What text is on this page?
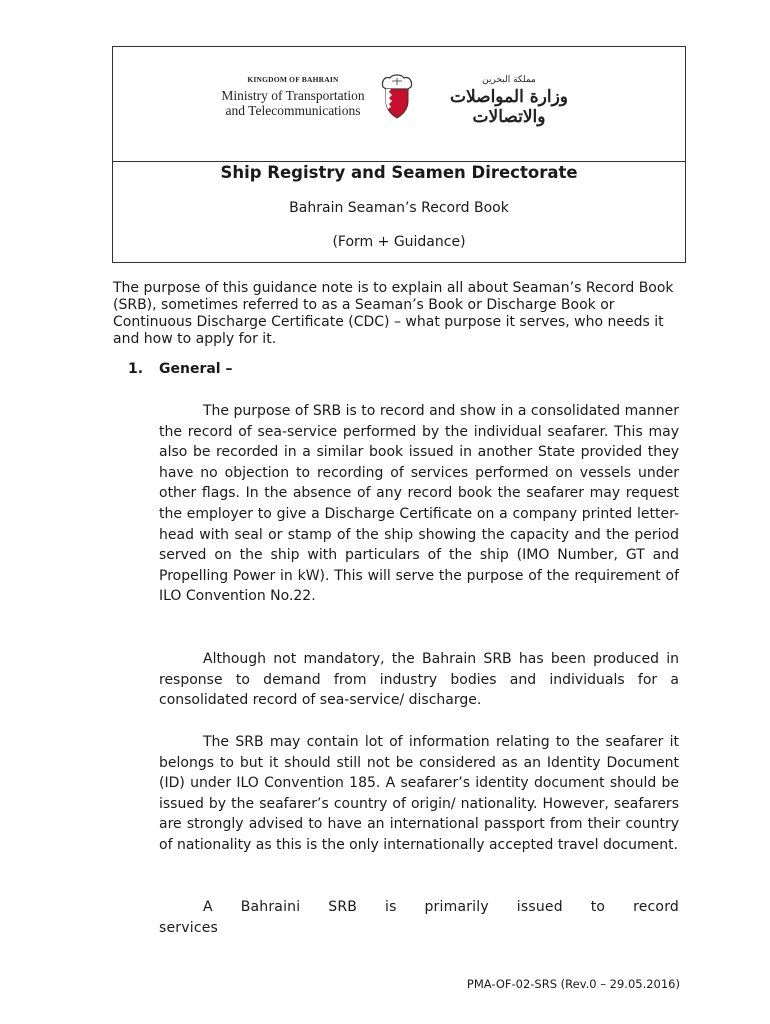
KINGDOM OF BAHRAIN
Ministry of Transportation
and Telecommunications
مملكة البحرين
وزارة المواصلات والاتصالات
Ship Registry and Seamen Directorate
Bahrain Seaman’s Record Book
(Form + Guidance)

The purpose of this guidance note is to explain all about Seaman’s Record Book (SRB), sometimes referred to as a Seaman’s Book or Discharge Book or Continuous Discharge Certificate (CDC) – what purpose it serves, who needs it and how to apply for it.

1. General –

The purpose of SRB is to record and show in a consolidated manner the record of sea-service performed by the individual seafarer. This may also be recorded in a similar book issued in another State provided they have no objection to recording of services performed on vessels under other flags. In the absence of any record book the seafarer may request the employer to give a Discharge Certificate on a company printed letter-head with seal or stamp of the ship showing the capacity and the period served on the ship with particulars of the ship (IMO Number, GT and Propelling Power in kW). This will serve the purpose of the requirement of ILO Convention No.22.

Although not mandatory, the Bahrain SRB has been produced in response to demand from industry bodies and individuals for a consolidated record of sea-service/ discharge.

The SRB may contain lot of information relating to the seafarer it belongs to but it should still not be considered as an Identity Document (ID) under ILO Convention 185. A seafarer’s identity document should be issued by the seafarer’s country of origin/ nationality. However, seafarers are strongly advised to have an international passport from their country of nationality as this is the only internationally accepted travel document.

A Bahraini SRB is primarily issued to record services

PMA-OF-02-SRS (Rev.0 – 29.05.2016)
